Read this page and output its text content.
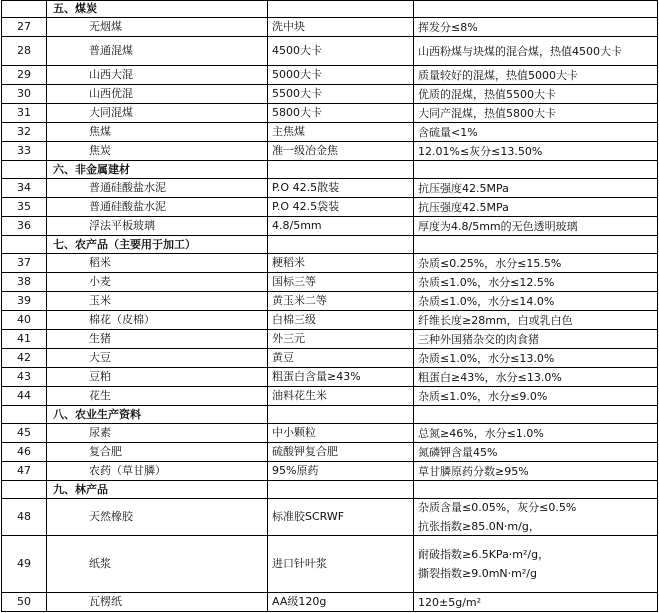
五、煤炭
27	无烟煤	洗中块	挥发分≤8%
28	普通混煤	4500大卡	山西粉煤与块煤的混合煤，热值4500大卡
29	山西大混	5000大卡	质量较好的混煤，热值5000大卡
30	山西优混	5500大卡	优质的混煤，热值5500大卡
31	大同混煤	5800大卡	大同产混煤，热值5800大卡
32	焦煤	主焦煤	含硫量<1%
33	焦炭	准一级冶金焦	12.01%≤灰分≤13.50%
六、非金属建材
34	普通硅酸盐水泥	P.O 42.5散装	抗压强度42.5MPa
35	普通硅酸盐水泥	P.O 42.5袋装	抗压强度42.5MPa
36	浮法平板玻璃	4.8/5mm	厚度为4.8/5mm的无色透明玻璃
七、农产品（主要用于加工）
37	稻米	粳稻米	杂质≤0.25%，水分≤15.5%
38	小麦	国标三等	杂质≤1.0%，水分≤12.5%
39	玉米	黄玉米二等	杂质≤1.0%，水分≤14.0%
40	棉花（皮棉）	白棉三级	纤维长度≥28mm，白或乳白色
41	生猪	外三元	三种外国猪杂交的肉食猪
42	大豆	黄豆	杂质≤1.0%，水分≤13.0%
43	豆粕	粗蛋白含量≥43%	粗蛋白≥43%，水分≤13.0%
44	花生	油料花生米	杂质≤1.0%，水分≤9.0%
八、农业生产资料
45	尿素	中小颗粒	总氮≥46%，水分≤1.0%
46	复合肥	硫酸钾复合肥	氮磷钾含量45%
47	农药（草甘膦）	95%原药	草甘膦原药分数≥95%
九、林产品
48	天然橡胶	标准胶SCRWF
杂质含量≤0.05%，灰分≤0.5%
抗张指数≥85.0N·m/g，
49	纸浆	进口针叶浆
耐破指数≥6.5KPa·m²/g，
撕裂指数≥9.0mN·m²/g
50	瓦楞纸	AA级120g	120±5g/m²
